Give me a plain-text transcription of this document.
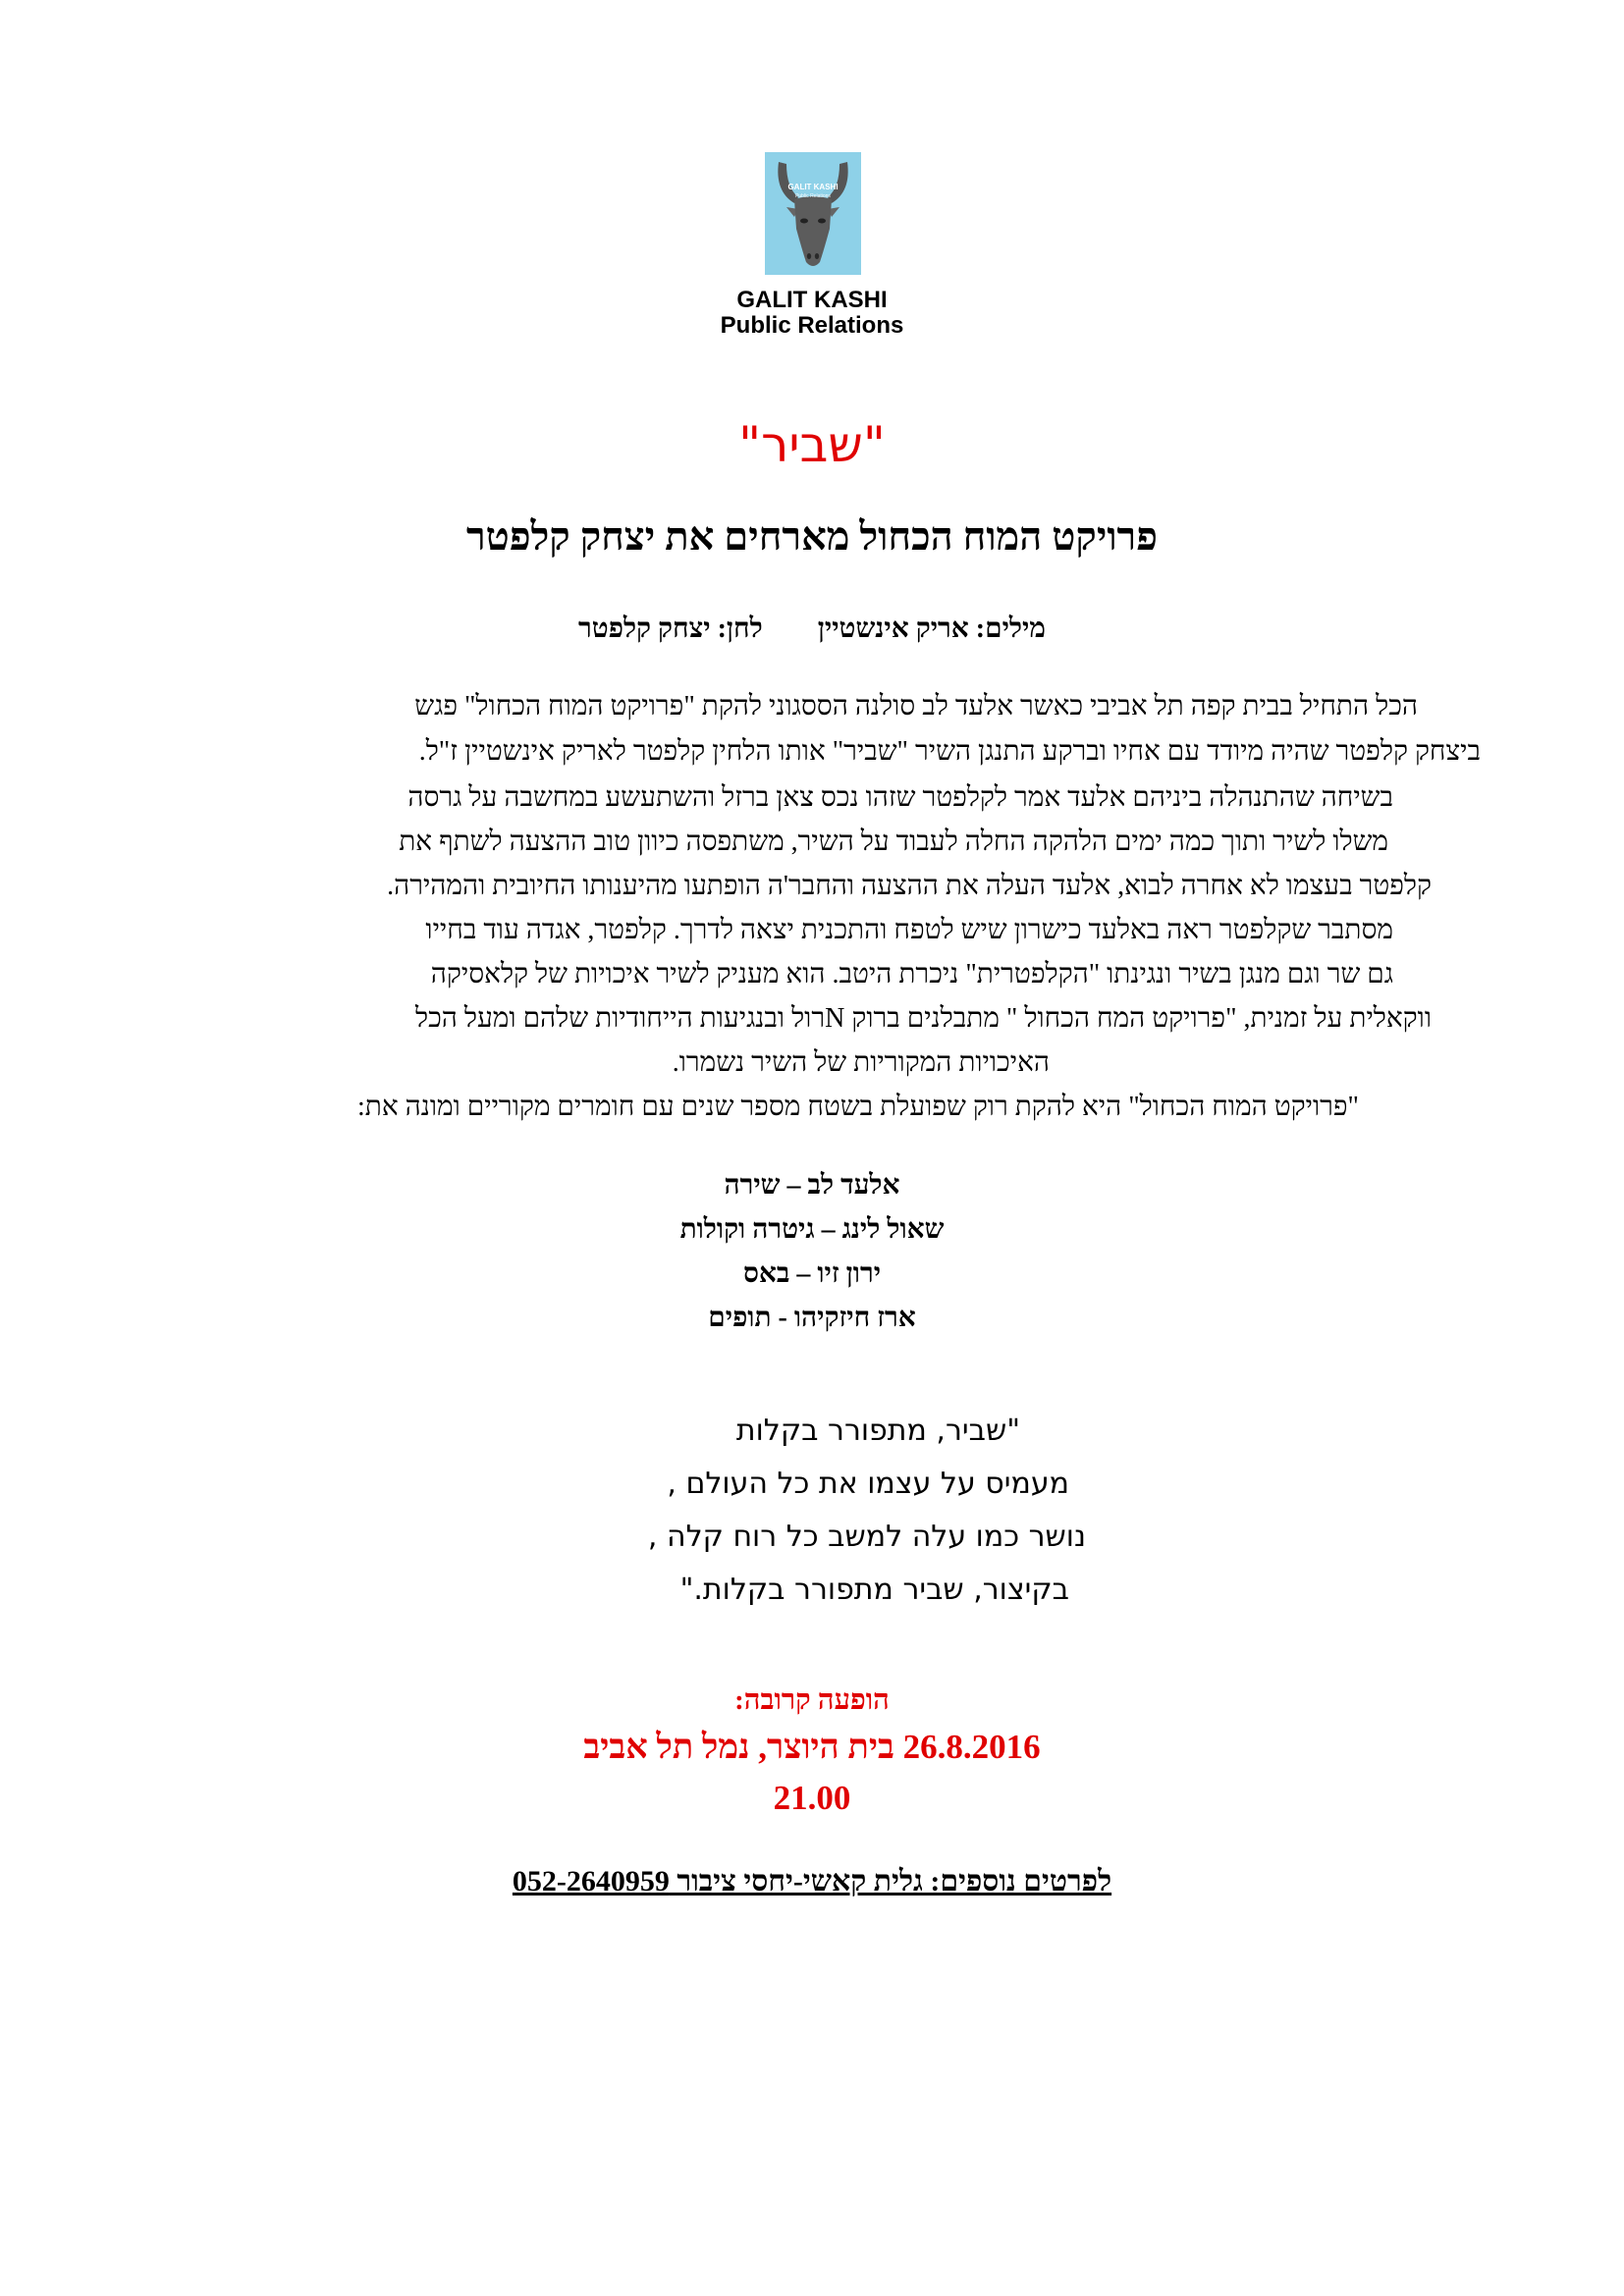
GALIT KASHI
Public Relations
GALIT KASHI
Public Relations
"שביר"
פרויקט המוח הכחול מארחים את יצחק קלפטר
מילים: אריק אינשטייןלחן: יצחק קלפטר
הכל התחיל בבית קפה תל אביבי כאשר אלעד לב סולנה הססגוני להקת "פרויקט המוח הכחול" פגש
ביצחק קלפטר שהיה מיודד עם אחיו וברקע התנגן השיר "שביר" אותו הלחין קלפטר לאריק אינשטיין ז"ל.
בשיחה שהתנהלה ביניהם אלעד אמר לקלפטר שזהו נכס צאן ברזל והשתעשע במחשבה על גרסה
משלו לשיר ותוך כמה ימים הלהקה החלה לעבוד על השיר, משתפסה כיוון טוב ההצעה לשתף את
קלפטר בעצמו לא אחרה לבוא, אלעד העלה את ההצעה והחבר'ה הופתעו מהיענותו החיובית והמהירה.
מסתבר שקלפטר ראה באלעד כישרון שיש לטפח והתכנית יצאה לדרך. קלפטר, אגדה עוד בחייו
גם שר וגם מנגן בשיר ונגינתו "הקלפטרית" ניכרת היטב. הוא מעניק לשיר איכויות של קלאסיקה
ווקאלית על זמנית, "פרויקט המח הכחול " מתבלנים ברוק Nרול ובנגיעות הייחודיות שלהם ומעל הכל
האיכויות המקוריות של השיר נשמרו.
"פרויקט המוח הכחול" היא להקת רוק שפועלת בשטח מספר שנים עם חומרים מקוריים ומונה את:
אלעד לב – שירה
שאול לינג – גיטרה וקולות
ירון זיו – באס
ארז חיזקיהו - תופים
"שביר, מתפורר בקלות
מעמיס על עצמו את כל העולם ,
נושר כמו עלה למשב כל רוח קלה ,
בקיצור, שביר מתפורר בקלות."
הופעה קרובה:
26.8.2016 בית היוצר, נמל תל אביב
21.00
לפרטים נוספים: גלית קאשי-יחסי ציבור 052-2640959
